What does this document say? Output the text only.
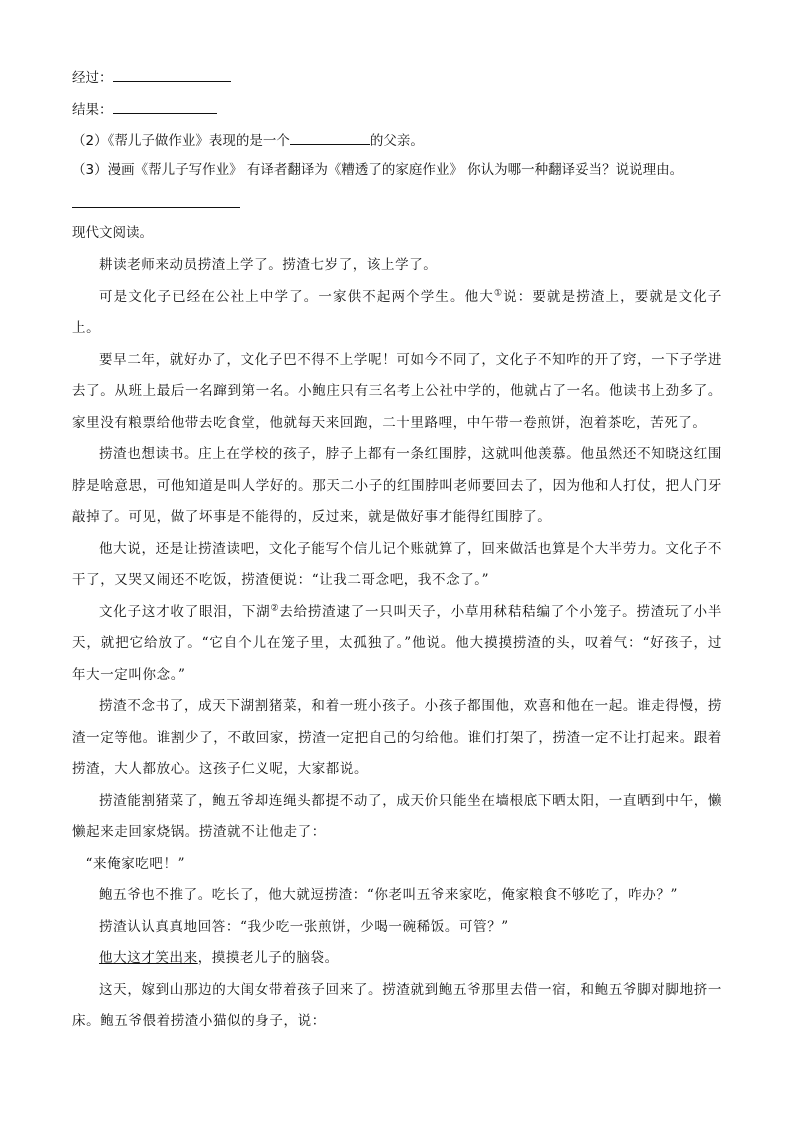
经过：
结果：
（2）《帮儿子做作业》表现的是一个	的父亲。
（3）漫画《帮儿子写作业》 有译者翻译为《糟透了的家庭作业》 你认为哪一种翻译妥当？说说理由。
现代文阅读。

耕读老师来动员捞渣上学了。捞渣七岁了，该上学了。

可是文化子已经在公社上中学了。一家供不起两个学生。他大①说：要就是捞渣上，要就是文化子上。

要早二年，就好办了，文化子巴不得不上学呢！可如今不同了，文化子不知咋的开了窍，一下子学进去了。从班上最后一名蹿到第一名。小鲍庄只有三名考上公社中学的，他就占了一名。他读书上劲多了。家里没有粮票给他带去吃食堂，他就每天来回跑，二十里路哩，中午带一卷煎饼，泡着茶吃，苦死了。

捞渣也想读书。庄上在学校的孩子，脖子上都有一条红围脖，这就叫他羡慕。他虽然还不知晓这红围脖是啥意思，可他知道是叫人学好的。那天二小子的红围脖叫老师要回去了，因为他和人打仗，把人门牙敲掉了。可见，做了坏事是不能得的，反过来，就是做好事才能得红围脖了。

他大说，还是让捞渣读吧，文化子能写个信儿记个账就算了，回来做活也算是个大半劳力。文化子不干了，又哭又闹还不吃饭，捞渣便说：“让我二哥念吧，我不念了。”

文化子这才收了眼泪，下湖②去给捞渣逮了一只叫天子，小草用秫秸秸编了个小笼子。捞渣玩了小半天，就把它给放了。“它自个儿在笼子里，太孤独了。”他说。他大摸摸捞渣的头，叹着气：“好孩子，过年大一定叫你念。”

捞渣不念书了，成天下湖割猪菜，和着一班小孩子。小孩子都围他，欢喜和他在一起。谁走得慢，捞渣一定等他。谁割少了，不敢回家，捞渣一定把自己的匀给他。谁们打架了，捞渣一定不让打起来。跟着捞渣，大人都放心。这孩子仁义呢，大家都说。

捞渣能割猪菜了，鲍五爷却连绳头都提不动了，成天价只能坐在墙根底下晒太阳，一直晒到中午，懒懒起来走回家烧锅。捞渣就不让他走了：

“来俺家吃吧！”

鲍五爷也不推了。吃长了，他大就逗捞渣：“你老叫五爷来家吃，俺家粮食不够吃了，咋办？”

捞渣认认真真地回答：“我少吃一张煎饼，少喝一碗稀饭。可管？”

他大这才笑出来，摸摸老儿子的脑袋。

这天，嫁到山那边的大闺女带着孩子回来了。捞渣就到鲍五爷那里去借一宿，和鲍五爷脚对脚地挤一床。鲍五爷偎着捞渣小猫似的身子，说：
